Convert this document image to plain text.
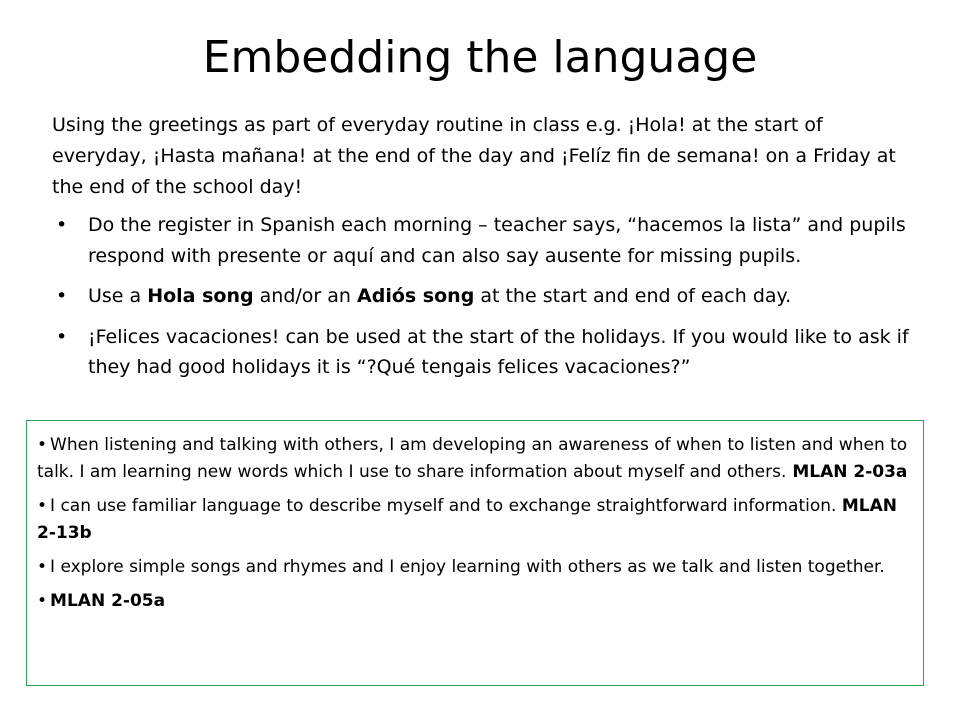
Embedding the language

Using the greetings as part of everyday routine in class e.g. ¡Hola! at the start of everyday, ¡Hasta mañana! at the end of the day and ¡Felíz fin de semana! on a Friday at the end of the school day!

• Do the register in Spanish each morning – teacher says, “hacemos la lista” and pupils respond with presente or aquí and can also say ausente for missing pupils.
• Use a Hola song and/or an Adiós song at the start and end of each day.
• ¡Felices vacaciones! can be used at the start of the holidays. If you would like to ask if they had good holidays it is “?Qué tengais felices vacaciones?”

• When listening and talking with others, I am developing an awareness of when to listen and when to talk. I am learning new words which I use to share information about myself and others. MLAN 2-03a

• I can use familiar language to describe myself and to exchange straightforward information. MLAN 2-13b

• I explore simple songs and rhymes and I enjoy learning with others as we talk and listen together.

• MLAN 2-05a
